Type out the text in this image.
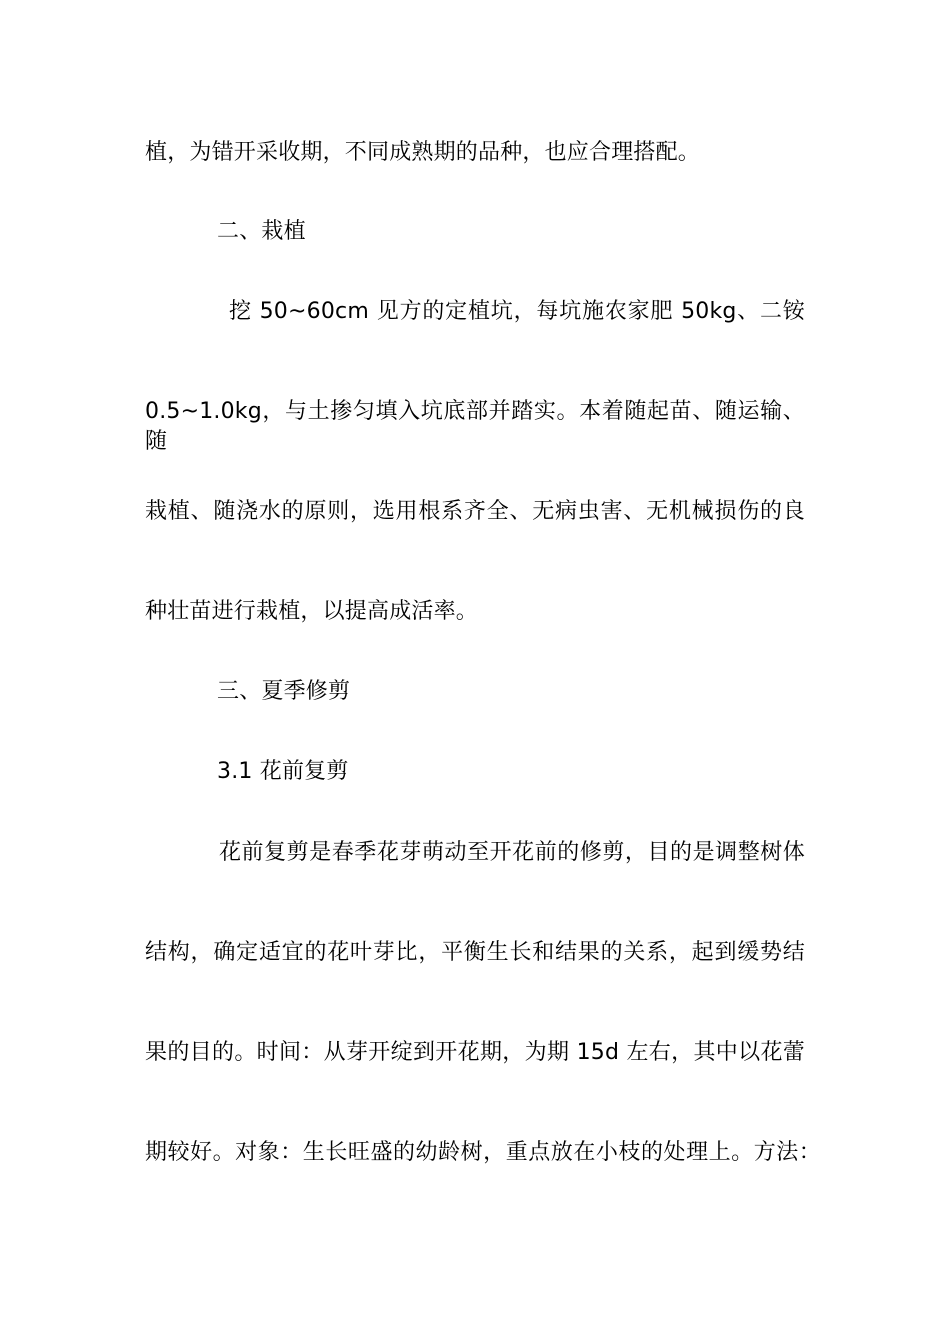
植，为错开采收期，不同成熟期的品种，也应合理搭配。
二、栽植
挖 50~60cm 见方的定植坑，每坑施农家肥 50kg、二铵
0.5~1.0kg，与土掺匀填入坑底部并踏实。本着随起苗、随运输、随
栽植、随浇水的原则，选用根系齐全、无病虫害、无机械损伤的良
种壮苗进行栽植，以提高成活率。
三、夏季修剪
3.1 花前复剪
花前复剪是春季花芽萌动至开花前的修剪，目的是调整树体
结构，确定适宜的花叶芽比，平衡生长和结果的关系，起到缓势结
果的目的。时间：从芽开绽到开花期，为期 15d 左右，其中以花蕾
期较好。对象：生长旺盛的幼龄树，重点放在小枝的处理上。方法：
